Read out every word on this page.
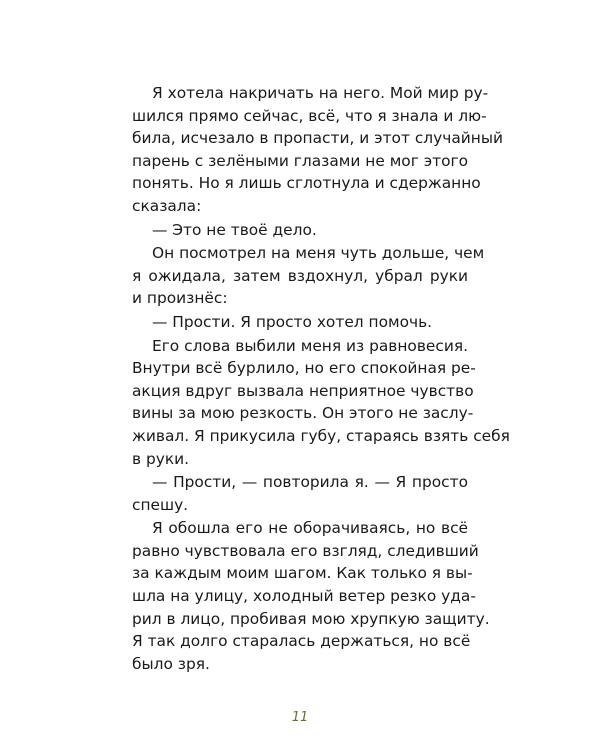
Я хотела накричать на него. Мой мир ру-
шился прямо сейчас, всё, что я знала и лю-
била, исчезало в пропасти, и этот случайный
парень с зелёными глазами не мог этого
понять. Но я лишь сглотнула и сдержанно
сказала:
— Это не твоё дело.
Он посмотрел на меня чуть дольше, чем
я ожидала, затем вздохнул, убрал руки
и произнёс:
— Прости. Я просто хотел помочь.
Его слова выбили меня из равновесия.
Внутри всё бурлило, но его спокойная ре-
акция вдруг вызвала неприятное чувство
вины за мою резкость. Он этого не заслу-
живал. Я прикусила губу, стараясь взять себя
в руки.
— Прости, — повторила я. — Я просто
спешу.
Я обошла его не оборачиваясь, но всё
равно чувствовала его взгляд, следивший
за каждым моим шагом. Как только я вы-
шла на улицу, холодный ветер резко уда-
рил в лицо, пробивая мою хрупкую защиту.
Я так долго старалась держаться, но всё
было зря.
11
